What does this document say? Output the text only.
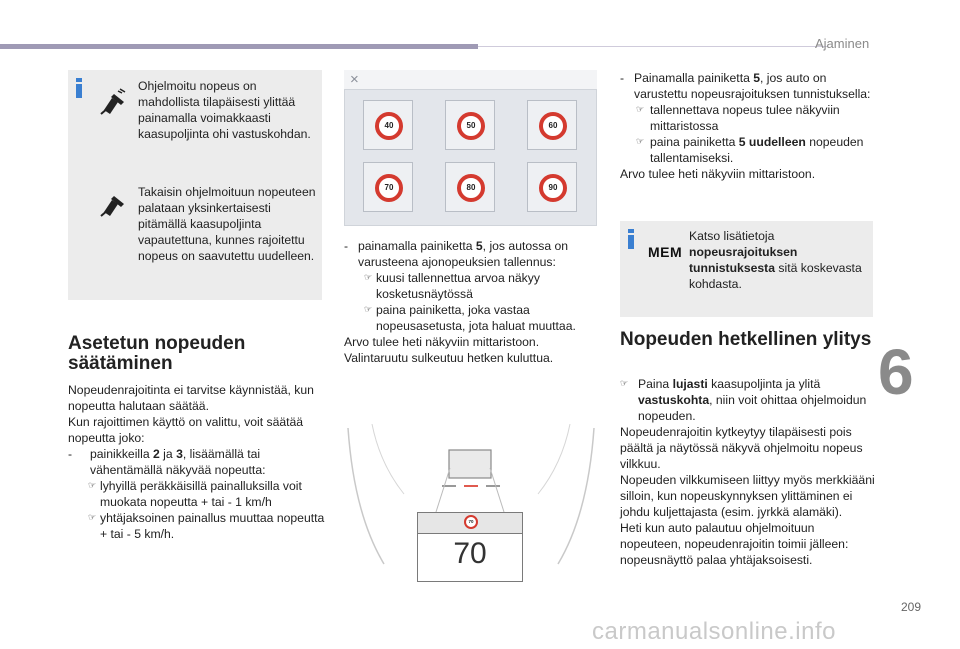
Ajaminen
6
209
carmanualsonline.info
Ohjelmoitu nopeus on mahdollista tilapäisesti ylittää painamalla voimakkaasti kaasupoljinta ohi vastuskohdan.
Takaisin ohjelmoituun nopeuteen palataan yksinkertaisesti pitämällä kaasupoljinta vapautettuna, kunnes rajoitettu nopeus on saavutettu uudelleen.
Asetetun nopeuden
säätäminen
Nopeudenrajoitinta ei tarvitse käynnistää, kun nopeutta halutaan säätää.
Kun rajoittimen käyttö on valittu, voit säätää nopeutta joko:
- painikkeilla 2 ja 3, lisäämällä tai vähentämällä näkyvää nopeutta:
☞ lyhyillä peräkkäisillä painalluksilla voit muokata nopeutta + tai - 1 km/h
☞ yhtäjaksoinen painallus muuttaa nopeutta + tai - 5 km/h.
×
40	50	60
70	80	90
- painamalla painiketta 5, jos autossa on varusteena ajonopeuksien tallennus:
☞ kuusi tallennettua arvoa näkyy kosketusnäytössä
☞ paina painiketta, joka vastaa nopeusasetusta, jota haluat muuttaa.
Arvo tulee heti näkyviin mittaristoon.
Valintaruutu sulkeutuu hetken kuluttua.
70
70
- Painamalla painiketta 5, jos auto on varustettu nopeusrajoituksen tunnistuksella:
☞ tallennettava nopeus tulee näkyviin mittaristossa
☞ paina painiketta 5 uudelleen nopeuden tallentamiseksi.
Arvo tulee heti näkyviin mittaristoon.
MEM
Katso lisätietoja nopeusrajoituksen tunnistuksesta sitä koskevasta kohdasta.
Nopeuden hetkellinen ylitys
☞ Paina lujasti kaasupoljinta ja ylitä vastuskohta, niin voit ohittaa ohjelmoidun nopeuden.
Nopeudenrajoitin kytkeytyy tilapäisesti pois päältä ja näytössä näkyvä ohjelmoitu nopeus vilkkuu.
Nopeuden vilkkumiseen liittyy myös merkkiääni silloin, kun nopeuskynnyksen ylittäminen ei johdu kuljettajasta (esim. jyrkkä alamäki).
Heti kun auto palautuu ohjelmoituun nopeuteen, nopeudenrajoitin toimii jälleen: nopeusnäyttö palaa yhtäjaksoisesti.
